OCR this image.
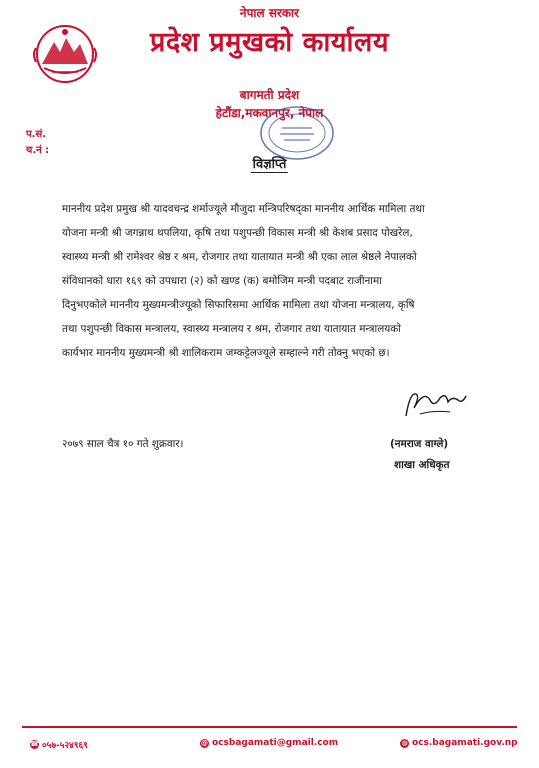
नेपाल सरकार
प्रदेश प्रमुखको कार्यालय
बागमती प्रदेश
हेटौंडा,मकवानपुर, नेपाल
प.सं.
च.नं :
विज्ञप्ति
माननीय प्रदेश प्रमुख श्री यादवचन्द्र शर्माज्यूले मौजुदा मन्त्रिपरिषद्का माननीय आर्थिक मामिला तथा
योजना मन्त्री श्री जगन्नाथ थपलिया, कृषि तथा पशुपन्छी विकास मन्त्री श्री केशब प्रसाद पोखरेल,
स्वास्थ्य मन्त्री श्री रामेश्वर श्रेष्ठ र श्रम, रोजगार तथा यातायात मन्त्री श्री एका लाल श्रेष्ठले नेपालको
संविधानको धारा १६९ को उपधारा (२) को खण्ड (क) बमोजिम मन्त्री पदबाट राजीनामा
दिनुभएकोले माननीय मुख्यमन्त्रीज्यूको सिफारिसमा आर्थिक मामिला तथा योजना मन्त्रालय, कृषि
तथा पशुपन्छी विकास मन्त्रालय, स्वास्थ्य मन्त्रालय र श्रम, रोजगार तथा यातायात मन्त्रालयको
कार्यभार माननीय मुख्यमन्त्री श्री शालिकराम जम्कट्टेलज्यूले सम्हाल्ने गरी तोक्नु भएको छ।
२०७९ साल चैत्र १० गते शुक्रवार।	(नमराज वाग्ले)
शाखा अधिकृत
☎ ०५७-५२४९६९	@ ocsbagamati@gmail.com	◍ ocs.bagamati.gov.np
